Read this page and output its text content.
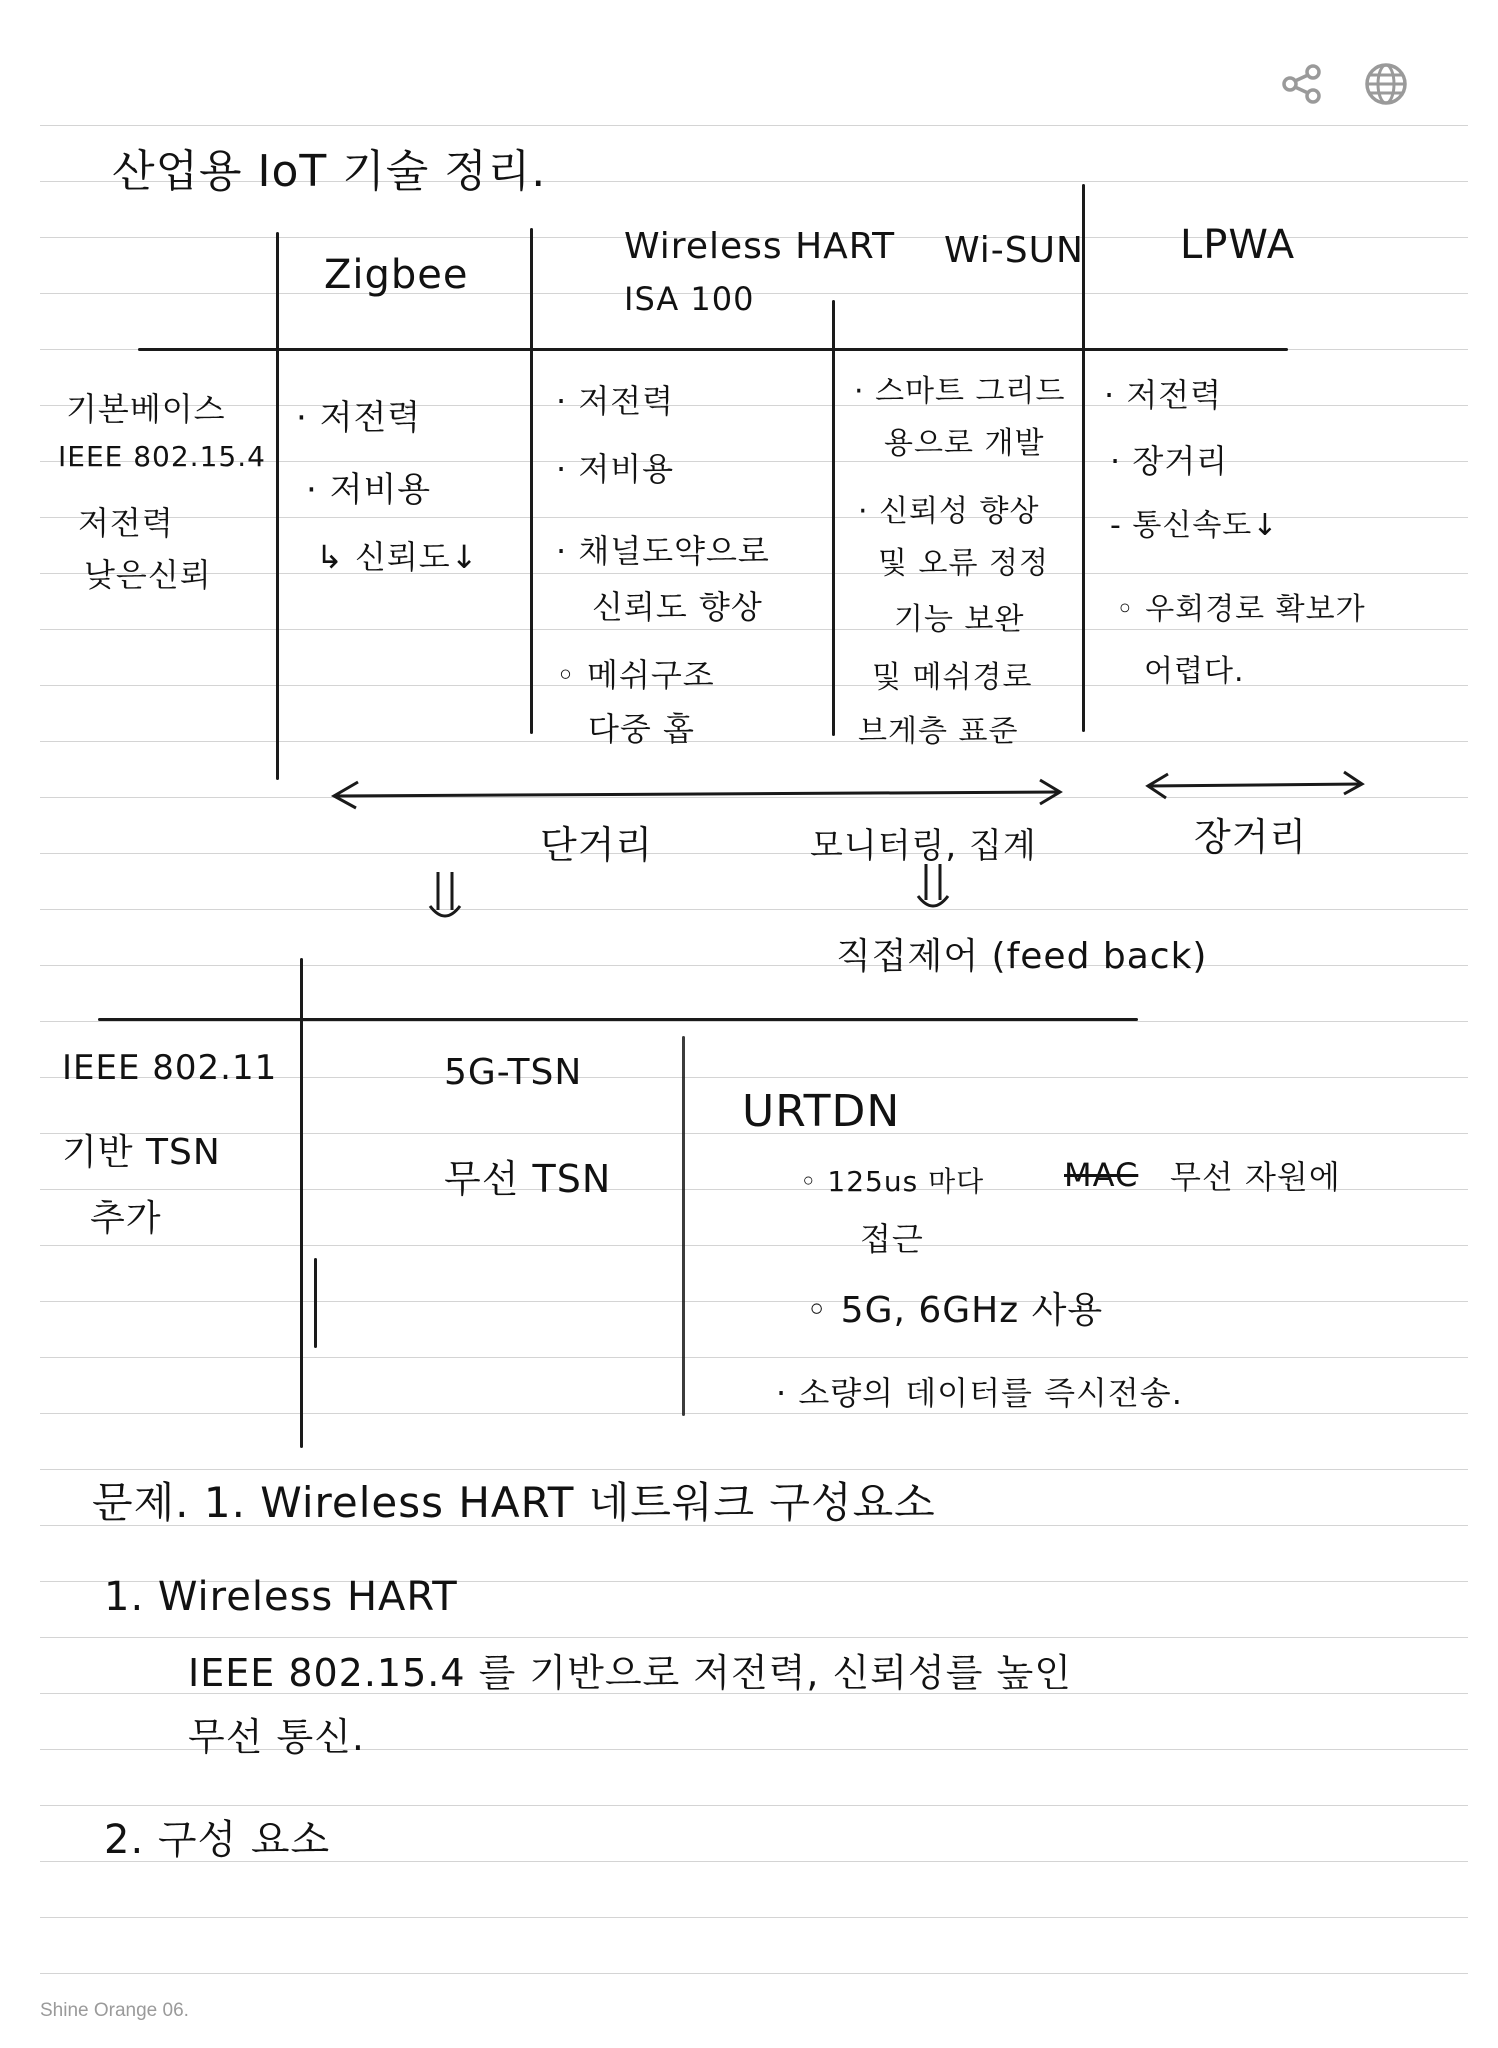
산업용 IoT 기술 정리.
Zigbee
Wireless HART
ISA 100
Wi-SUN LPWA
기본베이스
IEEE 802.15.4
저전력
낮은신뢰
· 저전력
· 저비용
↳ 신뢰도↓
· 저전력
· 저비용
· 채널도약으로
신뢰도 향상
◦ 메쉬구조
다중 홉
· 스마트 그리드
용으로 개발
· 신뢰성 향상
및 오류 정정
기능 보완
및 메쉬경로
브게층 표준
· 저전력
· 장거리
- 통신속도↓
◦ 우회경로 확보가
어렵다.
단거리	모니터링, 집계	장거리
직접제어 (feed back)
IEEE 802.11
기반 TSN
추가
5G-TSN
무선 TSN
URTDN
◦ 125us 마다 MAC 무선 자원에
접근
◦ 5G, 6GHz 사용
· 소량의 데이터를 즉시전송.
문제. 1. Wireless HART 네트워크 구성요소
1. Wireless HART
IEEE 802.15.4 를 기반으로 저전력, 신뢰성를 높인
무선 통신.
2. 구성 요소
Shine Orange 06.
